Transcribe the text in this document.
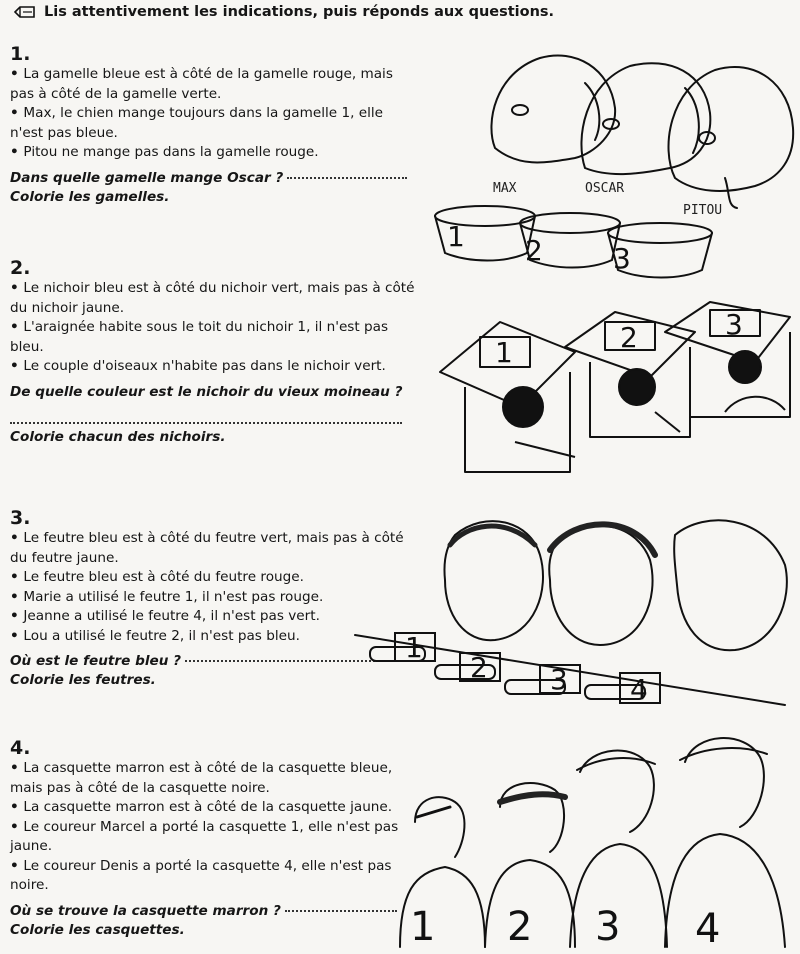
Lis attentivement les indications, puis réponds aux questions.
1.
• La gamelle bleue est à côté de la gamelle rouge, mais pas à côté de la gamelle verte.
• Max, le chien mange toujours dans la gamelle 1, elle n'est pas bleue.
• Pitou ne mange pas dans la gamelle rouge.
Dans quelle gamelle mange Oscar ?
Colorie les gamelles.
2.
• Le nichoir bleu est à côté du nichoir vert, mais pas à côté du nichoir jaune.
• L'araignée habite sous le toit du nichoir 1, il n'est pas bleu.
• Le couple d'oiseaux n'habite pas dans le nichoir vert.
De quelle couleur est le nichoir du vieux moineau ?
Colorie chacun des nichoirs.
3.
• Le feutre bleu est à côté du feutre vert, mais pas à côté du feutre jaune.
• Le feutre bleu est à côté du feutre rouge.
• Marie a utilisé le feutre 1, il n'est pas rouge.
• Jeanne a utilisé le feutre 4, il n'est pas vert.
• Lou a utilisé le feutre 2, il n'est pas bleu.
Où est le feutre bleu ?
Colorie les feutres.
4.
• La casquette marron est à côté de la casquette bleue, mais pas à côté de la casquette noire.
• La casquette marron est à côté de la casquette jaune.
• Le coureur Marcel a porté la casquette 1, elle n'est pas jaune.
• Le coureur Denis a porté la casquette 4, elle n'est pas noire.
Où se trouve la casquette marron ?
Colorie les casquettes.
MAX	OSCAR
PITOU
1 2	3
1	2	3
1
2 3 4
1 2 3 4
